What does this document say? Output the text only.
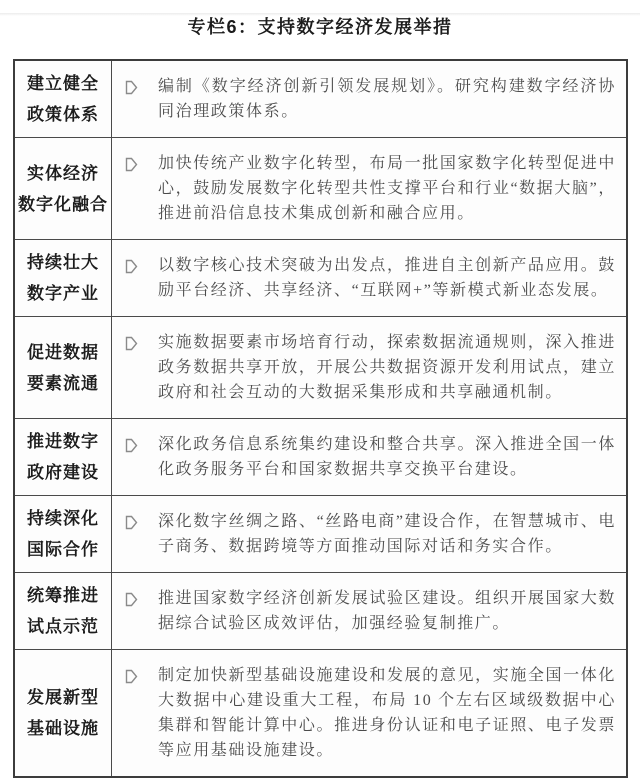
专栏6：支持数字经济发展举措
建立健全
政策体系
编制《数字经济创新引领发展规划》。研究构建数字经济协同治理政策体系。
实体经济
数字化融合
加快传统产业数字化转型，布局一批国家数字化转型促进中心，鼓励发展数字化转型共性支撑平台和行业“数据大脑”，推进前沿信息技术集成创新和融合应用。
持续壮大
数字产业
以数字核心技术突破为出发点，推进自主创新产品应用。鼓励平台经济、共享经济、“互联网+”等新模式新业态发展。
促进数据
要素流通
实施数据要素市场培育行动，探索数据流通规则，深入推进政务数据共享开放，开展公共数据资源开发利用试点，建立政府和社会互动的大数据采集形成和共享融通机制。
推进数字
政府建设
深化政务信息系统集约建设和整合共享。深入推进全国一体化政务服务平台和国家数据共享交换平台建设。
持续深化
国际合作
深化数字丝绸之路、“丝路电商”建设合作，在智慧城市、电子商务、数据跨境等方面推动国际对话和务实合作。
统筹推进
试点示范
推进国家数字经济创新发展试验区建设。组织开展国家大数据综合试验区成效评估，加强经验复制推广。
发展新型
基础设施
制定加快新型基础设施建设和发展的意见，实施全国一体化大数据中心建设重大工程，布局 10 个左右区域级数据中心集群和智能计算中心。推进身份认证和电子证照、电子发票等应用基础设施建设。
